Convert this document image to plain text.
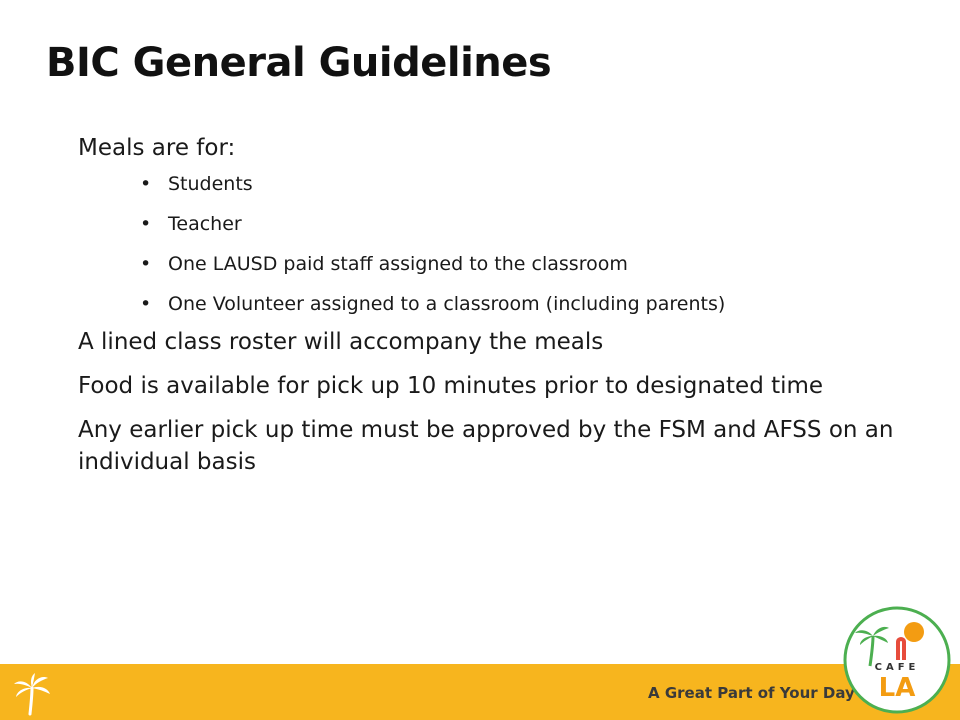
BIC General Guidelines

Meals are for:

• Students
• Teacher
• One LAUSD paid staff assigned to the classroom
• One Volunteer assigned to a classroom (including parents)

A lined class roster will accompany the meals

Food is available for pick up 10 minutes prior to designated time

Any earlier pick up time must be approved by the FSM and AFSS on an individual basis

A Great Part of Your Day
CAFE
LA
